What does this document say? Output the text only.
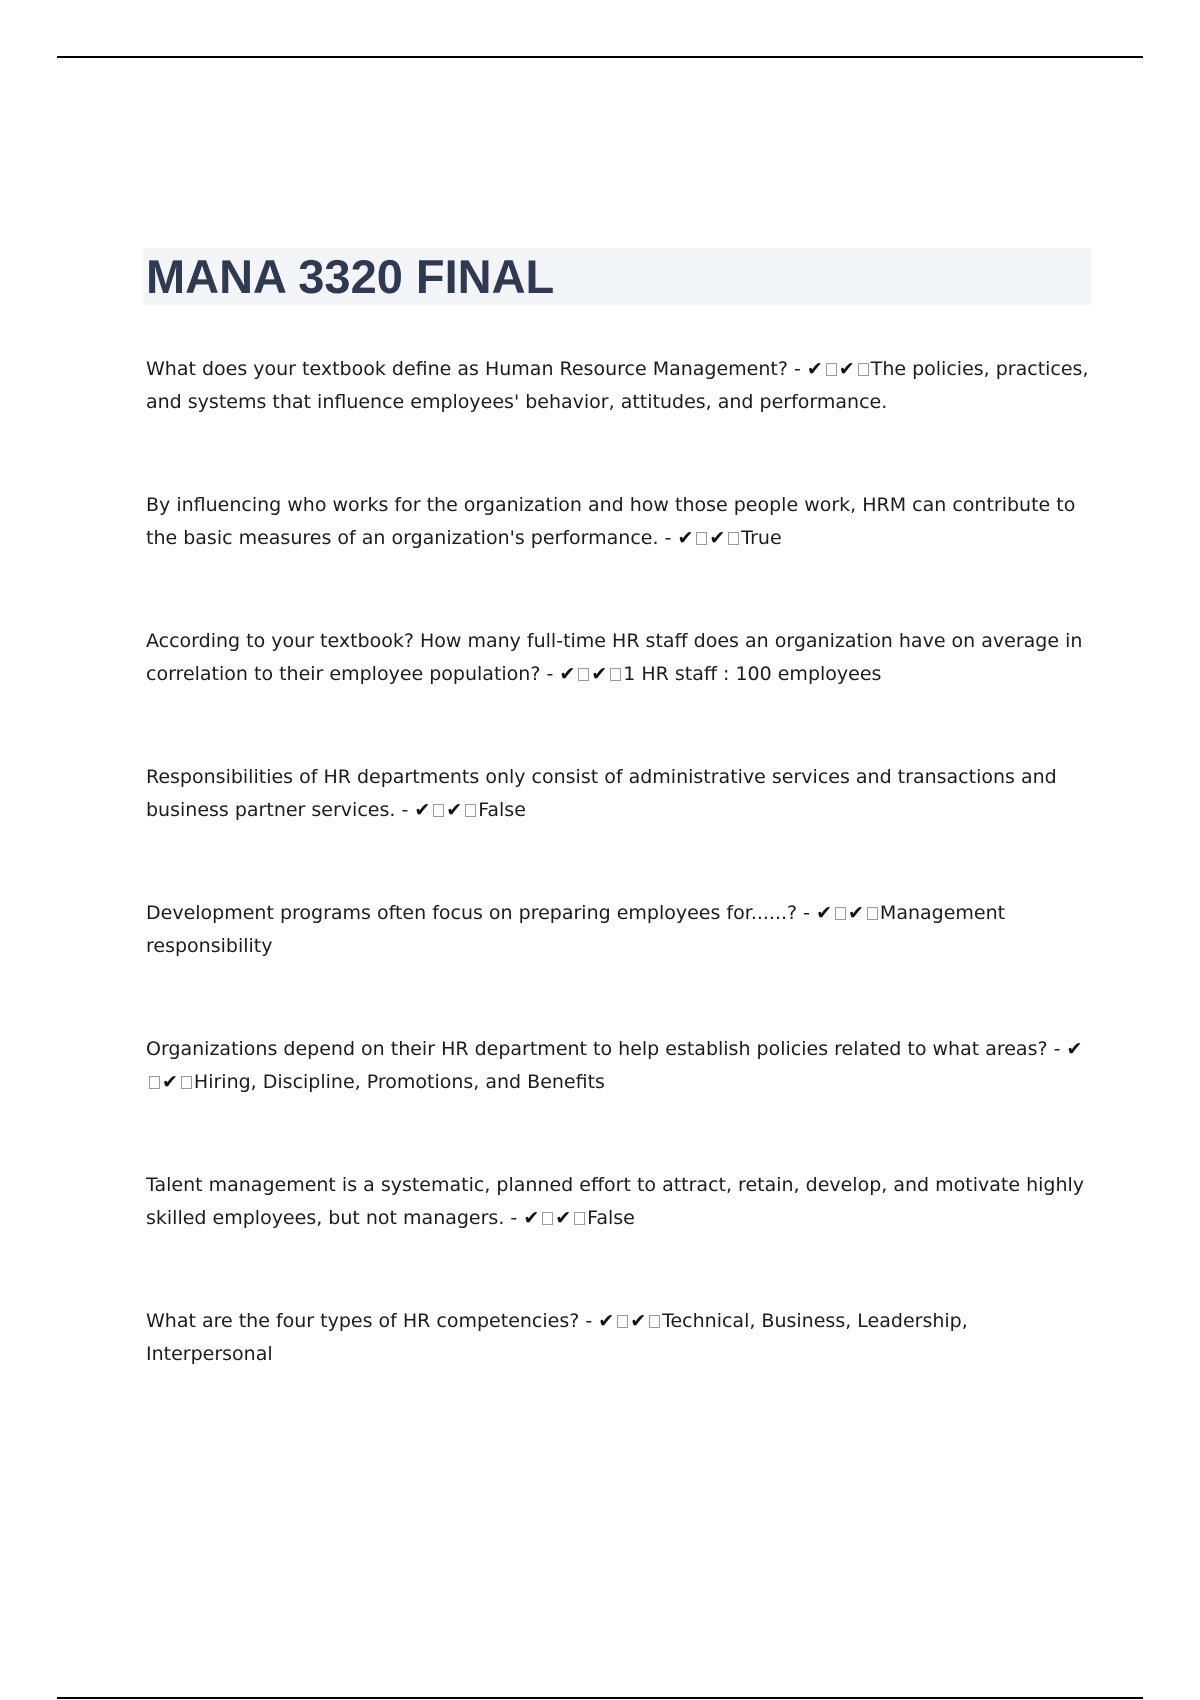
MANA 3320 FINAL

What does your textbook define as Human Resource Management? - ✔ ✔ The policies, practices, and systems that influence employees' behavior, attitudes, and performance.

By influencing who works for the organization and how those people work, HRM can contribute to the basic measures of an organization's performance. - ✔ ✔ True

According to your textbook? How many full-time HR staff does an organization have on average in correlation to their employee population? - ✔ ✔ 1 HR staff : 100 employees

Responsibilities of HR departments only consist of administrative services and transactions and business partner services. - ✔ ✔ False

Development programs often focus on preparing employees for......? - ✔ ✔ Management responsibility

Organizations depend on their HR department to help establish policies related to what areas? - ✔✔ Hiring, Discipline, Promotions, and Benefits

Talent management is a systematic, planned effort to attract, retain, develop, and motivate highly skilled employees, but not managers. - ✔ ✔ False

What are the four types of HR competencies? - ✔ ✔ Technical, Business, Leadership, Interpersonal
